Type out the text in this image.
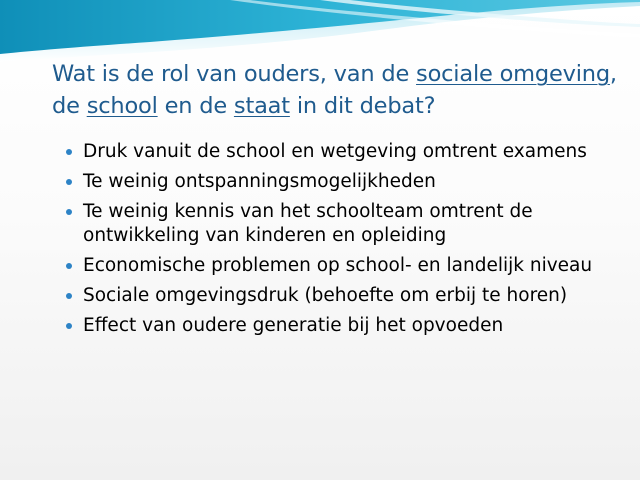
Wat is de rol van ouders, van de sociale omgeving, de school en de staat in dit debat?
Druk vanuit de school en wetgeving omtrent examens
Te weinig ontspanningsmogelijkheden
Te weinig kennis van het schoolteam omtrent de ontwikkeling van kinderen en opleiding
Economische problemen op school- en landelijk niveau
Sociale omgevingsdruk (behoefte om erbij te horen)
Effect van oudere generatie bij het opvoeden
